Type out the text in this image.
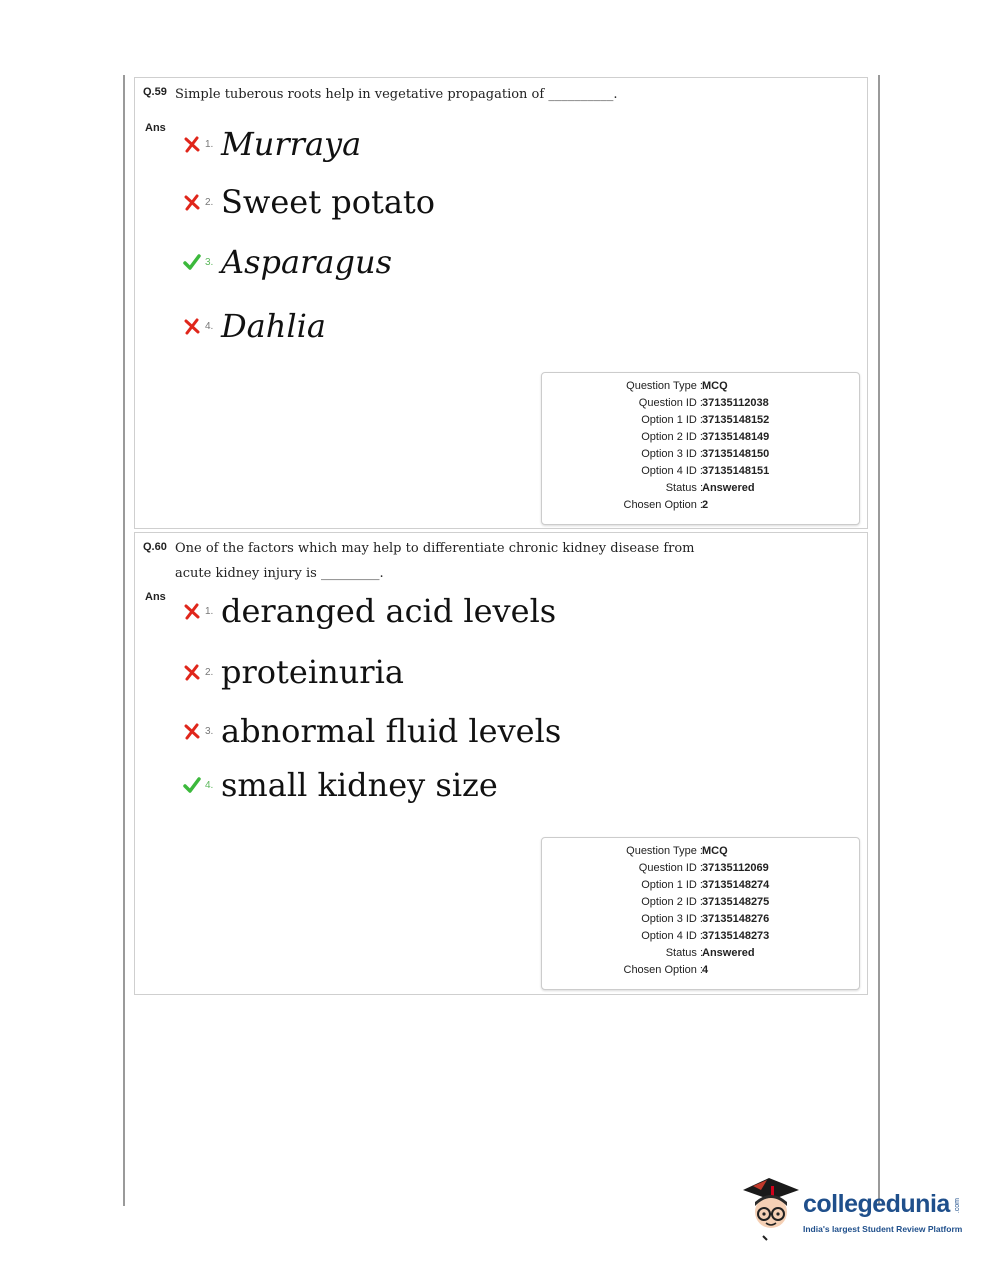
Q.59 Simple tuberous roots help in vegetative propagation of __________.
Ans
1. Murraya
2. Sweet potato
3. Asparagus
4. Dahlia
Question Type : MCQ
Question ID : 37135112038
Option 1 ID : 37135148152
Option 2 ID : 37135148149
Option 3 ID : 37135148150
Option 4 ID : 37135148151
Status : Answered
Chosen Option : 2
Q.60 One of the factors which may help to differentiate chronic kidney disease from
acute kidney injury is _________.
Ans
1. deranged acid levels
2. proteinuria
3. abnormal fluid levels
4. small kidney size
Question Type : MCQ
Question ID : 37135112069
Option 1 ID : 37135148274
Option 2 ID : 37135148275
Option 3 ID : 37135148276
Option 4 ID : 37135148273
Status : Answered
Chosen Option : 4
collegedunia .com
India's largest Student Review Platform
